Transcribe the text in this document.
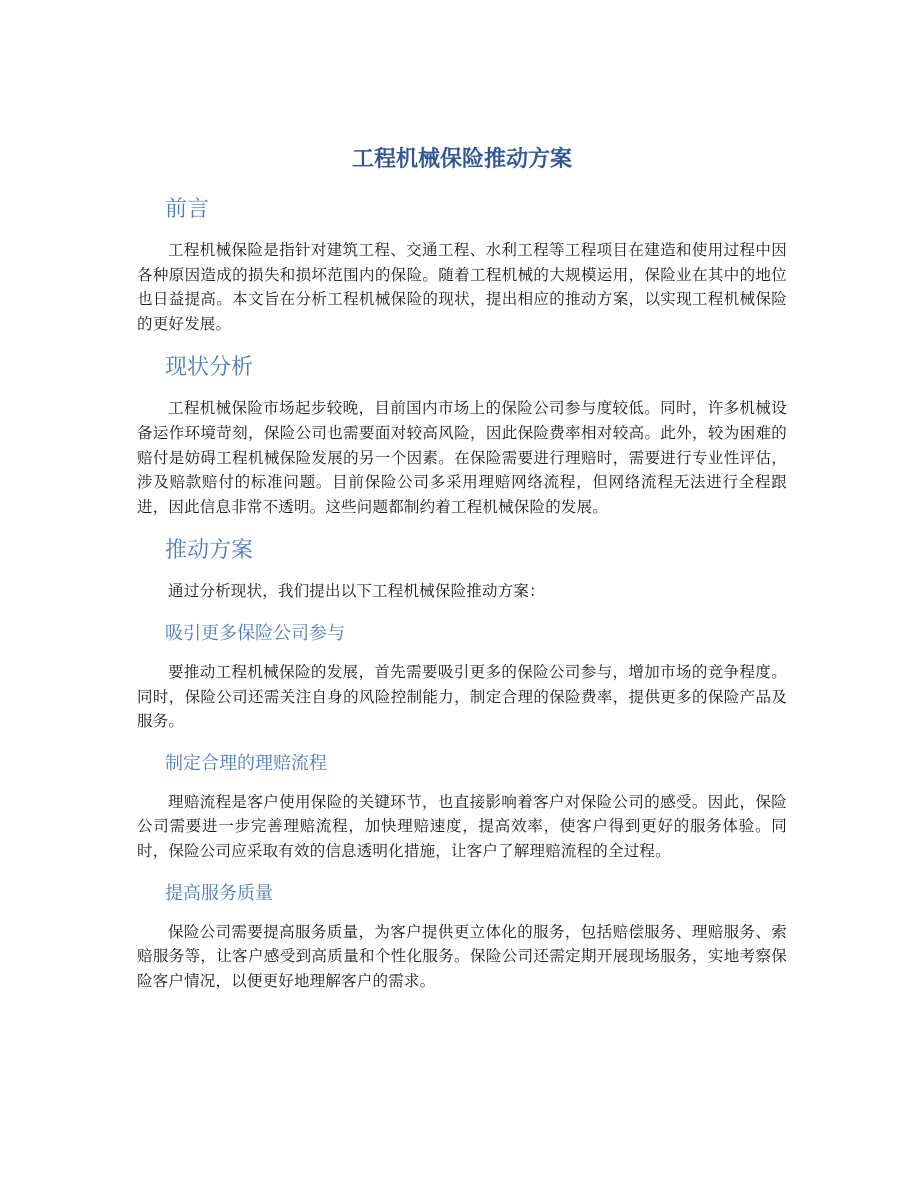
工程机械保险推动方案
前言

工程机械保险是指针对建筑工程、交通工程、水利工程等工程项目在建造和使用过程中因各种原因造成的损失和损坏范围内的保险。随着工程机械的大规模运用，保险业在其中的地位也日益提高。本文旨在分析工程机械保险的现状，提出相应的推动方案，以实现工程机械保险的更好发展。

现状分析

工程机械保险市场起步较晚，目前国内市场上的保险公司参与度较低。同时，许多机械设备运作环境苛刻，保险公司也需要面对较高风险，因此保险费率相对较高。此外，较为困难的赔付是妨碍工程机械保险发展的另一个因素。在保险需要进行理赔时，需要进行专业性评估，涉及赔款赔付的标准问题。目前保险公司多采用理赔网络流程，但网络流程无法进行全程跟进，因此信息非常不透明。这些问题都制约着工程机械保险的发展。

推动方案

通过分析现状，我们提出以下工程机械保险推动方案：

吸引更多保险公司参与

要推动工程机械保险的发展，首先需要吸引更多的保险公司参与，增加市场的竞争程度。同时，保险公司还需关注自身的风险控制能力，制定合理的保险费率，提供更多的保险产品及服务。

制定合理的理赔流程

理赔流程是客户使用保险的关键环节，也直接影响着客户对保险公司的感受。因此，保险公司需要进一步完善理赔流程，加快理赔速度，提高效率，使客户得到更好的服务体验。同时，保险公司应采取有效的信息透明化措施，让客户了解理赔流程的全过程。

提高服务质量

保险公司需要提高服务质量，为客户提供更立体化的服务，包括赔偿服务、理赔服务、索赔服务等，让客户感受到高质量和个性化服务。保险公司还需定期开展现场服务，实地考察保险客户情况，以便更好地理解客户的需求。
